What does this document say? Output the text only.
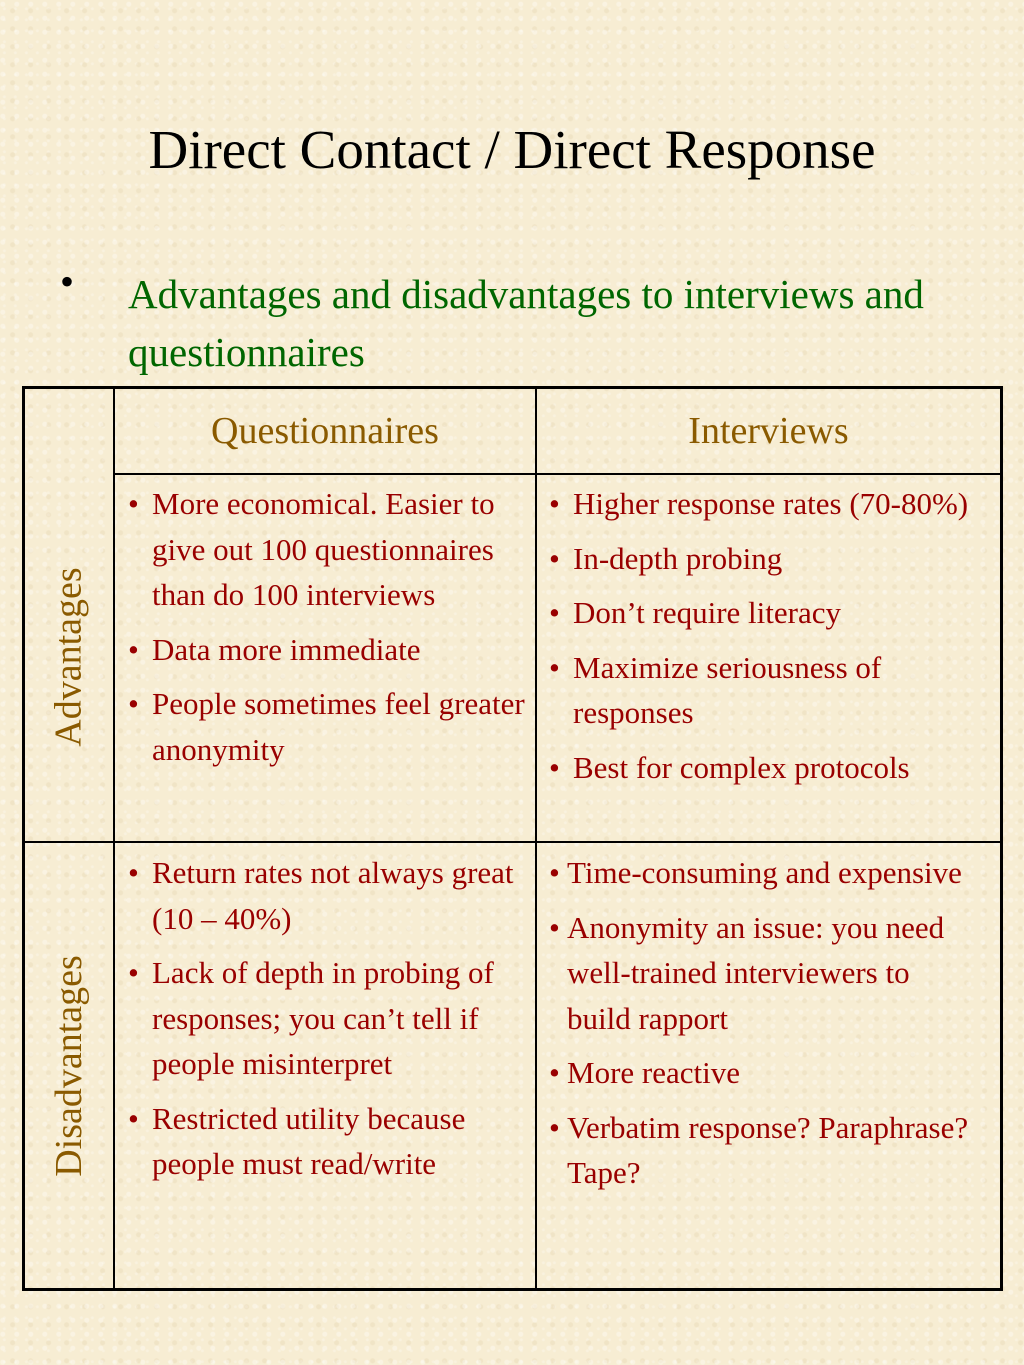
Direct Contact / Direct Response
• Advantages and disadvantages to interviews and questionnaires
Questionnaires	Interviews
Advantages
Disadvantages
• More economical. Easier to give out 100 questionnaires than do 100 interviews
• Data more immediate
• People sometimes feel greater anonymity
• Higher response rates (70-80%)
• In-depth probing
• Don’t require literacy
• Maximize seriousness of responses
• Best for complex protocols
• Return rates not always great (10 – 40%)
• Lack of depth in probing of responses; you can’t tell if people misinterpret
• Restricted utility because people must read/write
• Time-consuming and expensive
• Anonymity an issue: you need well-trained interviewers to build rapport
• More reactive
• Verbatim response? Paraphrase? Tape?
